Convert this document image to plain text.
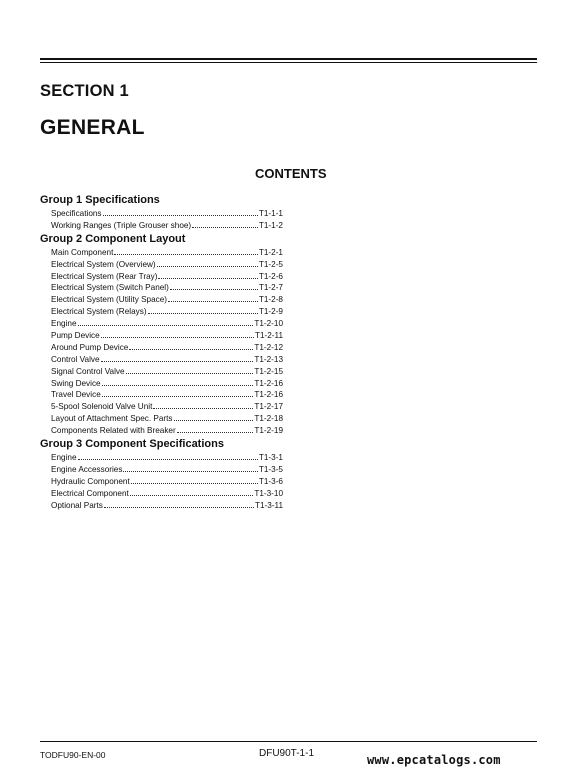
SECTION 1
GENERAL
CONTENTS
Group 1 Specifications
Specifications	T1-1-1
Working Ranges (Triple Grouser shoe)	T1-1-2
Group 2 Component Layout
Main Component	T1-2-1
Electrical System (Overview)	T1-2-5
Electrical System (Rear Tray)	T1-2-6
Electrical System (Switch Panel)	T1-2-7
Electrical System (Utility Space)	T1-2-8
Electrical System (Relays)	T1-2-9
Engine	T1-2-10
Pump Device	T1-2-11
Around Pump Device	T1-2-12
Control Valve	T1-2-13
Signal Control Valve	T1-2-15
Swing Device	T1-2-16
Travel Device	T1-2-16
5-Spool Solenoid Valve Unit	T1-2-17
Layout of Attachment Spec. Parts	T1-2-18
Components Related with Breaker	T1-2-19
Group 3 Component Specifications
Engine	T1-3-1
Engine Accessories	T1-3-5
Hydraulic Component	T1-3-6
Electrical Component	T1-3-10
Optional Parts	T1-3-11
TODFU90-EN-00	DFU90T-1-1	www.epcatalogs.com
